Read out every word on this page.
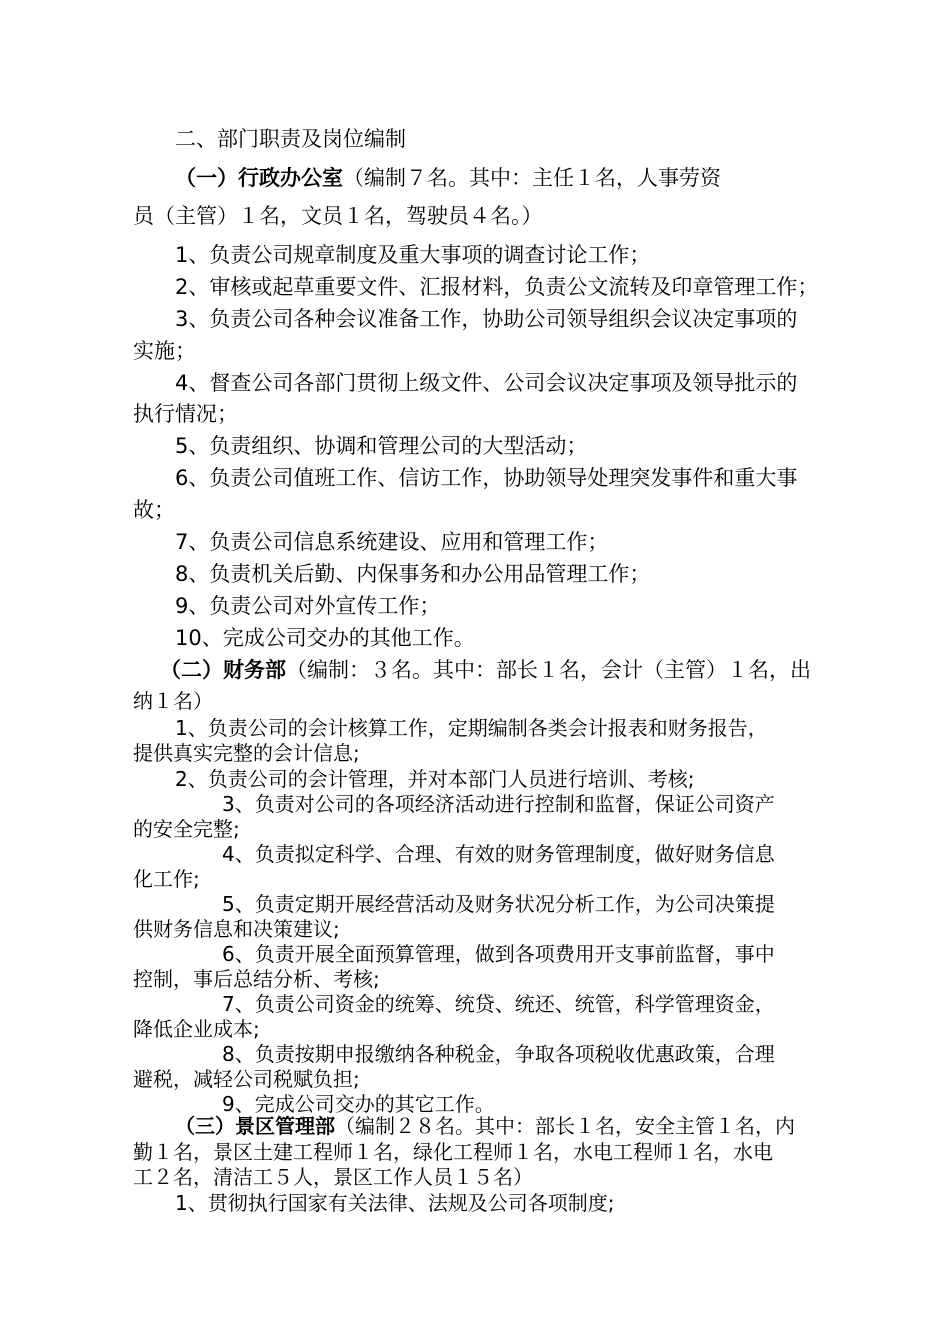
二、部门职责及岗位编制
（一）行政办公室（编制７名。其中：主任１名，人事劳资
员（主管）１名，文员１名，驾驶员４名。）
1、负责公司规章制度及重大事项的调查讨论工作；
2、审核或起草重要文件、汇报材料，负责公文流转及印章管理工作；
3、负责公司各种会议准备工作，协助公司领导组织会议决定事项的
实施；
4、督查公司各部门贯彻上级文件、公司会议决定事项及领导批示的
执行情况；
5、负责组织、协调和管理公司的大型活动；
6、负责公司值班工作、信访工作，协助领导处理突发事件和重大事
故；
7、负责公司信息系统建设、应用和管理工作；
8、负责机关后勤、内保事务和办公用品管理工作；
9、负责公司对外宣传工作；
10、完成公司交办的其他工作。
（二）财务部（编制：３名。其中：部长１名，会计（主管）１名，出
纳１名）
1、负责公司的会计核算工作，定期编制各类会计报表和财务报告，
提供真实完整的会计信息;
2、负责公司的会计管理，并对本部门人员进行培训、考核;
3、负责对公司的各项经济活动进行控制和监督，保证公司资产
的安全完整;
4、负责拟定科学、合理、有效的财务管理制度，做好财务信息
化工作;
5、负责定期开展经营活动及财务状况分析工作，为公司决策提
供财务信息和决策建议;
6、负责开展全面预算管理，做到各项费用开支事前监督，事中
控制，事后总结分析、考核;
7、负责公司资金的统筹、统贷、统还、统管，科学管理资金，
降低企业成本;
8、负责按期申报缴纳各种税金，争取各项税收优惠政策，合理
避税，减轻公司税赋负担;
9、完成公司交办的其它工作。
（三）景区管理部（编制２８名。其中：部长１名，安全主管１名，内
勤１名，景区土建工程师１名，绿化工程师１名，水电工程师１名，水电
工２名，清洁工５人，景区工作人员１５名）
1、贯彻执行国家有关法律、法规及公司各项制度;
